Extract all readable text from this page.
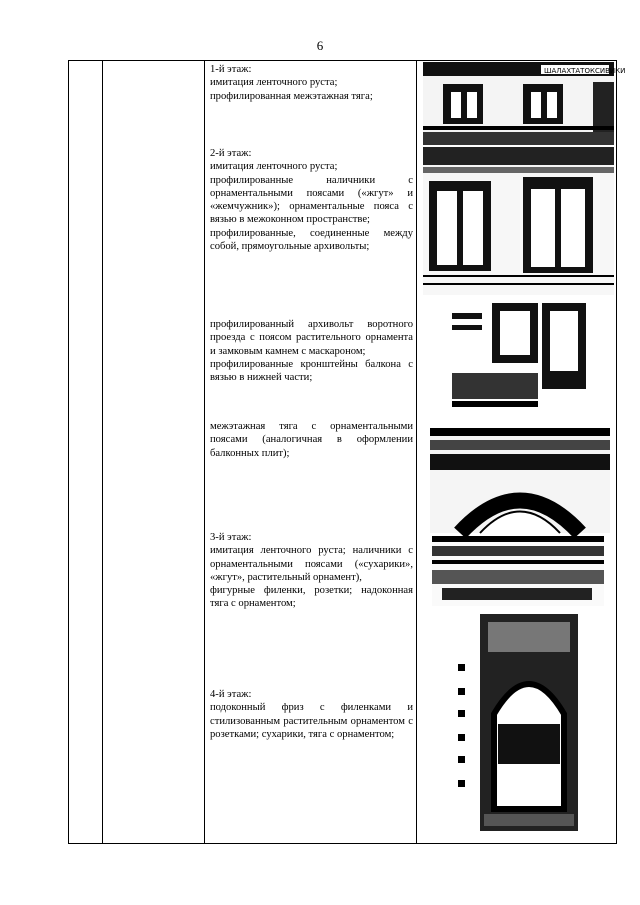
6

1-й этаж:

имитация ленточного руста;

профилированная межэтажная тяга;

2-й этаж:

имитация ленточного руста;

профилированные наличники с орнаментальными поясами («жгут» и «жемчужник»); орнаментальные пояса с вязью в межоконном пространстве;

профилированные, соединенные между собой, прямоугольные архивольты;

профилированный архивольт воротного проезда с поясом растительного орнамента и замковым камнем с маскароном;

профилированные кронштейны балкона с вязью в нижней части;

межэтажная тяга с орнаментальными поясами (аналогичная в оформлении балконных плит);

3-й этаж:

имитация ленточного руста; наличники с орнаментальными поясами («сухарики», «жгут», растительный орнамент),

фигурные филенки, розетки; надоконная тяга с орнаментом;

4-й этаж:

подоконный фриз с филенками и стилизованным растительным орнаментом с розетками; сухарики, тяга с орнаментом;

ШАЛАХТАТОКСИВИКИ
